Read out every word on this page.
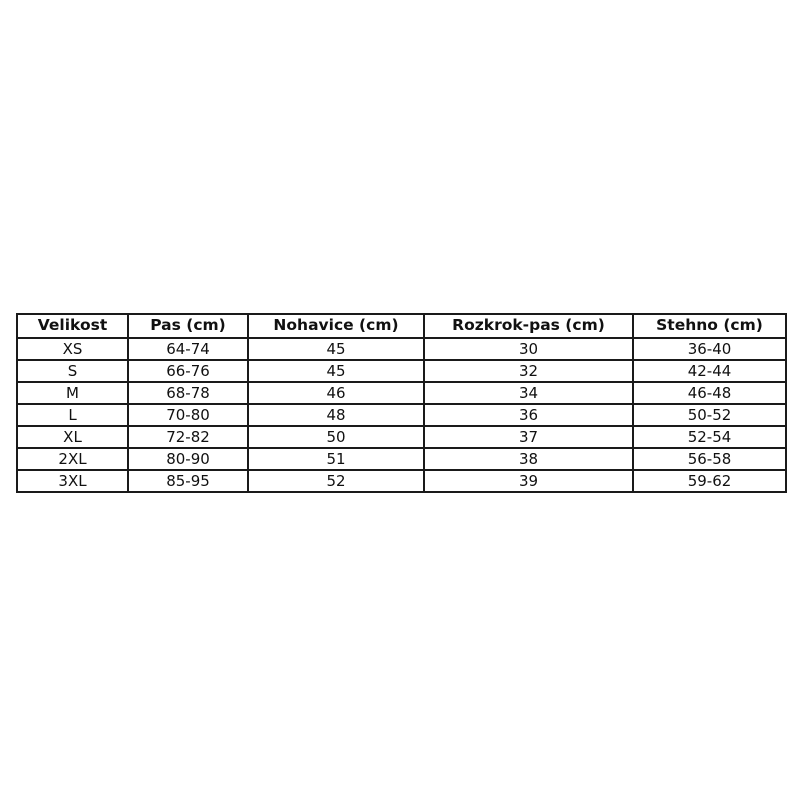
Velikost	Pas (cm)	Nohavice (cm)	Rozkrok-pas (cm)	Stehno (cm)
XS	64-74	45	30	36-40
S	66-76	45	32	42-44
M	68-78	46	34	46-48
L	70-80	48	36	50-52
XL	72-82	50	37	52-54
2XL	80-90	51	38	56-58
3XL	85-95	52	39	59-62
